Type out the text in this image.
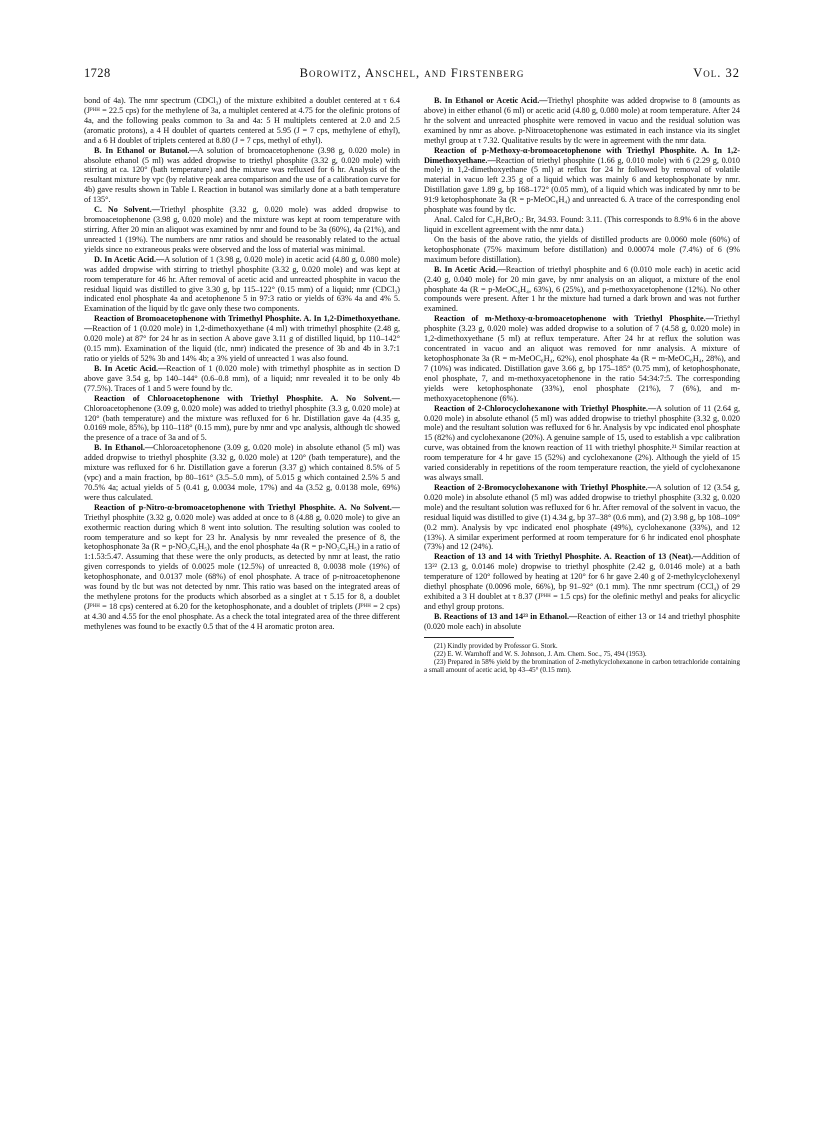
1728	Borowitz, Anschel, and Firstenberg	Vol. 32

bond of 4a). The nmr spectrum (CDCl₃) of the mixture exhibited a doublet centered at τ 6.4 (Jᴾᴴᴴ = 22.5 cps) for the methylene of 3a, a multiplet centered at 4.75 for the olefinic protons of 4a, and the following peaks common to 3a and 4a: 5 H multiplets centered at 2.0 and 2.5 (aromatic protons), a 4 H doublet of quartets centered at 5.95 (J = 7 cps, methylene of ethyl), and a 6 H doublet of triplets centered at 8.80 (J = 7 cps, methyl of ethyl).

B. In Ethanol or Butanol.—A solution of bromoacetophenone (3.98 g, 0.020 mole) in absolute ethanol (5 ml) was added dropwise to triethyl phosphite (3.32 g, 0.020 mole) with stirring at ca. 120° (bath temperature) and the mixture was refluxed for 6 hr. Analysis of the resultant mixture by vpc (by relative peak area comparison and the use of a calibration curve for 4b) gave results shown in Table I. Reaction in butanol was similarly done at a bath temperature of 135°.

C. No Solvent.—Triethyl phosphite (3.32 g, 0.020 mole) was added dropwise to bromoacetophenone (3.98 g, 0.020 mole) and the mixture was kept at room temperature with stirring. After 20 min an aliquot was examined by nmr and found to be 3a (60%), 4a (21%), and unreacted 1 (19%). The numbers are nmr ratios and should be reasonably related to the actual yields since no extraneous peaks were observed and the loss of material was minimal.

D. In Acetic Acid.—A solution of 1 (3.98 g, 0.020 mole) in acetic acid (4.80 g, 0.080 mole) was added dropwise with stirring to triethyl phosphite (3.32 g, 0.020 mole) and was kept at room temperature for 46 hr. After removal of acetic acid and unreacted phosphite in vacuo the residual liquid was distilled to give 3.30 g, bp 115–122° (0.15 mm) of a liquid; nmr (CDCl₃) indicated enol phosphate 4a and acetophenone 5 in 97:3 ratio or yields of 63% 4a and 4% 5. Examination of the liquid by tlc gave only these two components.

Reaction of Bromoacetophenone with Trimethyl Phosphite. A. In 1,2-Dimethoxyethane.—Reaction of 1 (0.020 mole) in 1,2-dimethoxyethane (4 ml) with trimethyl phosphite (2.48 g, 0.020 mole) at 87° for 24 hr as in section A above gave 3.11 g of distilled liquid, bp 110–142° (0.15 mm). Examination of the liquid (tlc, nmr) indicated the presence of 3b and 4b in 3.7:1 ratio or yields of 52% 3b and 14% 4b; a 3% yield of unreacted 1 was also found.

B. In Acetic Acid.—Reaction of 1 (0.020 mole) with trimethyl phosphite as in section D above gave 3.54 g, bp 140–144° (0.6–0.8 mm), of a liquid; nmr revealed it to be only 4b (77.5%). Traces of 1 and 5 were found by tlc.

Reaction of Chloroacetophenone with Triethyl Phosphite. A. No Solvent.—Chloroacetophenone (3.09 g, 0.020 mole) was added to triethyl phosphite (3.3 g, 0.020 mole) at 120° (bath temperature) and the mixture was refluxed for 6 hr. Distillation gave 4a (4.35 g, 0.0169 mole, 85%), bp 110–118° (0.15 mm), pure by nmr and vpc analysis, although tlc showed the presence of a trace of 3a and of 5.

B. In Ethanol.—Chloroacetophenone (3.09 g, 0.020 mole) in absolute ethanol (5 ml) was added dropwise to triethyl phosphite (3.32 g, 0.020 mole) at 120° (bath temperature), and the mixture was refluxed for 6 hr. Distillation gave a forerun (3.37 g) which contained 8.5% of 5 (vpc) and a main fraction, bp 80–161° (3.5–5.0 mm), of 5.015 g which contained 2.5% 5 and 70.5% 4a; actual yields of 5 (0.41 g, 0.0034 mole, 17%) and 4a (3.52 g, 0.0138 mole, 69%) were thus calculated.

Reaction of p-Nitro-α-bromoacetophenone with Triethyl Phosphite. A. No Solvent.—Triethyl phosphite (3.32 g, 0.020 mole) was added at once to 8 (4.88 g, 0.020 mole) to give an exothermic reaction during which 8 went into solution. The resulting solution was cooled to room temperature and so kept for 23 hr. Analysis by nmr revealed the presence of 8, the ketophosphonate 3a (R = p-NO₂C₆H₅), and the enol phosphate 4a (R = p-NO₂C₆H₅) in a ratio of 1:1.53:5.47. Assuming that these were the only products, as detected by nmr at least, the ratio given corresponds to yields of 0.0025 mole (12.5%) of unreacted 8, 0.0038 mole (19%) of ketophosphonate, and 0.0137 mole (68%) of enol phosphate. A trace of p-nitroacetophenone was found by tlc but was not detected by nmr. This ratio was based on the integrated areas of the methylene protons for the products which absorbed as a singlet at τ 5.15 for 8, a doublet (Jᴾᴴᴴ = 18 cps) centered at 6.20 for the ketophosphonate, and a doublet of triplets (Jᴾᴴᴴ = 2 cps) at 4.30 and 4.55 for the enol phosphate. As a check the total integrated area of the three different methylenes was found to be exactly 0.5 that of the 4 H aromatic proton area.

B. In Ethanol or Acetic Acid.—Triethyl phosphite was added dropwise to 8 (amounts as above) in either ethanol (6 ml) or acetic acid (4.80 g, 0.080 mole) at room temperature. After 24 hr the solvent and unreacted phosphite were removed in vacuo and the residual solution was examined by nmr as above. p-Nitroacetophenone was estimated in each instance via its singlet methyl group at τ 7.32. Qualitative results by tlc were in agreement with the nmr data.

Reaction of p-Methoxy-α-bromoacetophenone with Triethyl Phosphite. A. In 1,2-Dimethoxyethane.—Reaction of triethyl phosphite (1.66 g, 0.010 mole) with 6 (2.29 g, 0.010 mole) in 1,2-dimethoxyethane (5 ml) at reflux for 24 hr followed by removal of volatile material in vacuo left 2.35 g of a liquid which was mainly 6 and ketophosphonate by nmr. Distillation gave 1.89 g, bp 168–172° (0.05 mm), of a liquid which was indicated by nmr to be 91:9 ketophosphonate 3a (R = p-MeOC₆H₄) and unreacted 6. A trace of the corresponding enol phosphate was found by tlc.

Anal. Calcd for C₉H₉BrO₂: Br, 34.93. Found: 3.11. (This corresponds to 8.9% 6 in the above liquid in excellent agreement with the nmr data.)

On the basis of the above ratio, the yields of distilled products are 0.0060 mole (60%) of ketophosphonate (75% maximum before distillation) and 0.00074 mole (7.4%) of 6 (9% maximum before distillation).

B. In Acetic Acid.—Reaction of triethyl phosphite and 6 (0.010 mole each) in acetic acid (2.40 g, 0.040 mole) for 20 min gave, by nmr analysis on an aliquot, a mixture of the enol phosphate 4a (R = p-MeOC₆H₄, 63%), 6 (25%), and p-methoxyacetophenone (12%). No other compounds were present. After 1 hr the mixture had turned a dark brown and was not further examined.

Reaction of m-Methoxy-α-bromoacetophenone with Triethyl Phosphite.—Triethyl phosphite (3.23 g, 0.020 mole) was added dropwise to a solution of 7 (4.58 g, 0.020 mole) in 1,2-dimethoxyethane (5 ml) at reflux temperature. After 24 hr at reflux the solution was concentrated in vacuo and an aliquot was removed for nmr analysis. A mixture of ketophosphonate 3a (R = m-MeOC₆H₄, 62%), enol phosphate 4a (R = m-MeOC₆H₄, 28%), and 7 (10%) was indicated. Distillation gave 3.66 g, bp 175–185° (0.75 mm), of ketophosphonate, enol phosphate, 7, and m-methoxyacetophenone in the ratio 54:34:7:5. The corresponding yields were ketophosphonate (33%), enol phosphate (21%), 7 (6%), and m-methoxyacetophenone (6%).

Reaction of 2-Chlorocyclohexanone with Triethyl Phosphite.—A solution of 11 (2.64 g, 0.020 mole) in absolute ethanol (5 ml) was added dropwise to triethyl phosphite (3.32 g, 0.020 mole) and the resultant solution was refluxed for 6 hr. Analysis by vpc indicated enol phosphate 15 (82%) and cyclohexanone (20%). A genuine sample of 15, used to establish a vpc calibration curve, was obtained from the known reaction of 11 with triethyl phosphite.²¹ Similar reaction at room temperature for 4 hr gave 15 (52%) and cyclohexanone (2%). Although the yield of 15 varied considerably in repetitions of the room temperature reaction, the yield of cyclohexanone was always small.

Reaction of 2-Bromocyclohexanone with Triethyl Phosphite.—A solution of 12 (3.54 g, 0.020 mole) in absolute ethanol (5 ml) was added dropwise to triethyl phosphite (3.32 g, 0.020 mole) and the resultant solution was refluxed for 6 hr. After removal of the solvent in vacuo, the residual liquid was distilled to give (1) 4.34 g, bp 37–38° (0.6 mm), and (2) 3.98 g, bp 108–109° (0.2 mm). Analysis by vpc indicated enol phosphate (49%), cyclohexanone (33%), and 12 (13%). A similar experiment performed at room temperature for 6 hr indicated enol phosphate (73%) and 12 (24%).

Reaction of 13 and 14 with Triethyl Phosphite. A. Reaction of 13 (Neat).—Addition of 13²² (2.13 g, 0.0146 mole) dropwise to triethyl phosphite (2.42 g, 0.0146 mole) at a bath temperature of 120° followed by heating at 120° for 6 hr gave 2.40 g of 2-methylcyclohexenyl diethyl phosphate (0.0096 mole, 66%), bp 91–92° (0.1 mm). The nmr spectrum (CCl₄) of 29 exhibited a 3 H doublet at τ 8.37 (Jᴾᴴᴴ = 1.5 cps) for the olefinic methyl and peaks for alicyclic and ethyl group protons.

B. Reactions of 13 and 14²³ in Ethanol.—Reaction of either 13 or 14 and triethyl phosphite (0.020 mole each) in absolute

(21) Kindly provided by Professor G. Stork.

(22) E. W. Warnhoff and W. S. Johnson, J. Am. Chem. Soc., 75, 494 (1953).

(23) Prepared in 58% yield by the bromination of 2-methylcyclohexanone in carbon tetrachloride containing a small amount of acetic acid, bp 43–45° (0.15 mm).
